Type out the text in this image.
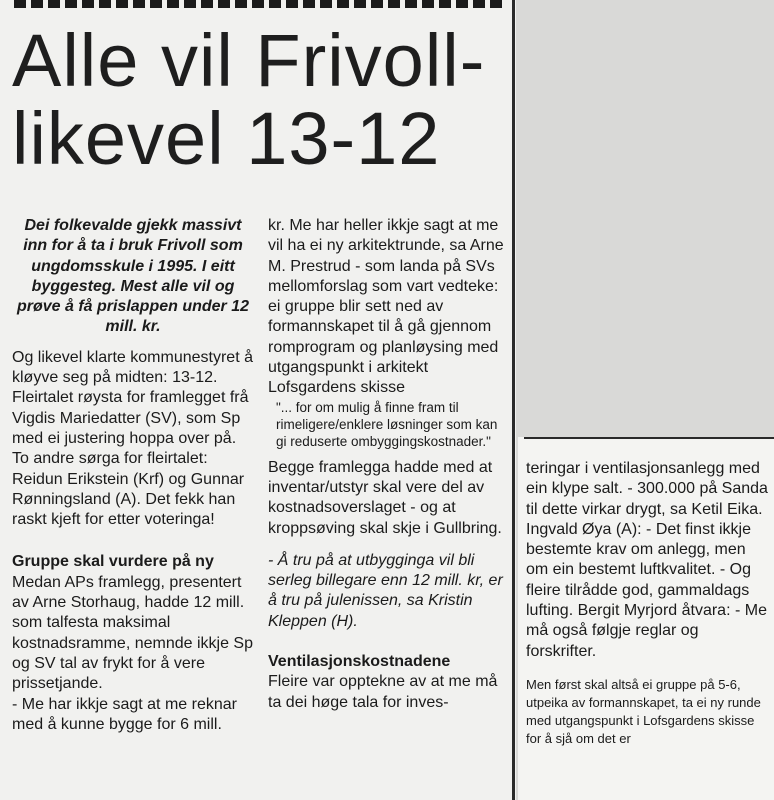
Alle vil Frivoll-
likevel 13-12

Dei folkevalde gjekk massivt inn for å ta i bruk Frivoll som ungdomsskule i 1995. I eitt byggesteg. Mest alle vil og prøve å få prislappen under 12 mill. kr.

Og likevel klarte kommunestyret å kløyve seg på midten: 13-12. Fleirtalet røysta for framlegget frå Vigdis Mariedatter (SV), som Sp med ei justering hoppa over på. To andre sørga for fleirtalet: Reidun Erikstein (Krf) og Gunnar Rønningsland (A). Det fekk han raskt kjeft for etter voteringa!

Gruppe skal vurdere på ny

Medan APs framlegg, presentert av Arne Storhaug, hadde 12 mill. som talfesta maksimal kostnadsramme, nemnde ikkje Sp og SV tal av frykt for å vere prissetjande.

- Me har ikkje sagt at me reknar med å kunne bygge for 6 mill.

kr. Me har heller ikkje sagt at me vil ha ei ny arkitektrunde, sa Arne M. Prestrud - som landa på SVs mellomforslag som vart vedteke: ei gruppe blir sett ned av formannskapet til å gå gjennom romprogram og planløysing med utgangspunkt i arkitekt Lofsgardens skisse

"... for om mulig å finne fram til rimeligere/enklere løsninger som kan gi reduserte ombyggingskostnader."

Begge framlegga hadde med at inventar/utstyr skal vere del av kostnadsoverslaget - og at kroppsøving skal skje i Gullbring.

- Å tru på at utbygginga vil bli serleg billegare enn 12 mill. kr, er å tru på julenissen, sa Kristin Kleppen (H).

Ventilasjonskostnadene

Fleire var opptekne av at me må ta dei høge tala for inves-

teringar i ventilasjonsanlegg med ein klype salt. - 300.000 på Sanda til dette virkar drygt, sa Ketil Eika. Ingvald Øya (A): - Det finst ikkje bestemte krav om anlegg, men om ein bestemt luftkvalitet. - Og fleire tilrådde god, gammaldags lufting. Bergit Myrjord åtvara: - Me må også følgje reglar og forskrifter.

Men først skal altså ei gruppe på 5-6, utpeika av formannskapet, ta ei ny runde med utgangspunkt i Lofsgardens skisse for å sjå om det er
